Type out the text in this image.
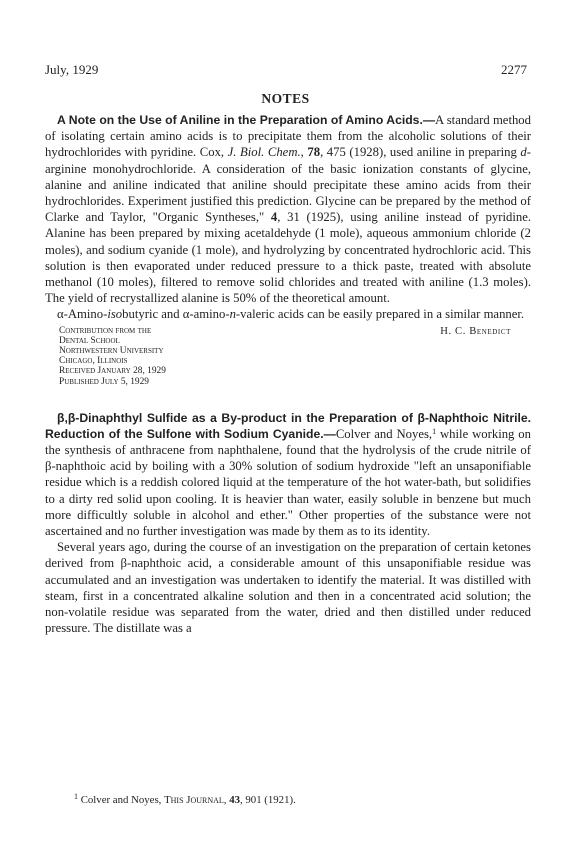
July, 1929	2277
NOTES

A Note on the Use of Aniline in the Preparation of Amino Acids.—A standard method of isolating certain amino acids is to precipitate them from the alcoholic solutions of their hydrochlorides with pyridine. Cox, J. Biol. Chem., 78, 475 (1928), used aniline in preparing d-arginine monohydrochloride. A consideration of the basic ionization constants of glycine, alanine and aniline indicated that aniline should precipitate these amino acids from their hydrochlorides. Experiment justified this prediction. Glycine can be prepared by the method of Clarke and Taylor, "Organic Syntheses," 4, 31 (1925), using aniline instead of pyridine. Alanine has been prepared by mixing acetaldehyde (1 mole), aqueous ammonium chloride (2 moles), and sodium cyanide (1 mole), and hydrolyzing by concentrated hydrochloric acid. This solution is then evaporated under reduced pressure to a thick paste, treated with absolute methanol (10 moles), filtered to remove solid chlorides and treated with aniline (1.3 moles). The yield of recrystallized alanine is 50% of the theoretical amount.

α-Amino-isobutyric and α-amino-n-valeric acids can be easily prepared in a similar manner.

Contribution from the
Dental School
Northwestern University
Chicago, Illinois
Received January 28, 1929
Published July 5, 1929
H. C. Benedict

β,β-Dinaphthyl Sulfide as a By-product in the Preparation of β-Naphthoic Nitrile. Reduction of the Sulfone with Sodium Cyanide.—Colver and Noyes,$^1$ while working on the synthesis of anthracene from naphthalene, found that the hydrolysis of the crude nitrile of β-naphthoic acid by boiling with a 30% solution of sodium hydroxide "left an unsaponifiable residue which is a reddish colored liquid at the temperature of the hot water-bath, but solidifies to a dirty red solid upon cooling. It is heavier than water, easily soluble in benzene but much more difficultly soluble in alcohol and ether." Other properties of the substance were not ascertained and no further investigation was made by them as to its identity.

Several years ago, during the course of an investigation on the preparation of certain ketones derived from β-naphthoic acid, a considerable amount of this unsaponifiable residue was accumulated and an investigation was undertaken to identify the material. It was distilled with steam, first in a concentrated alkaline solution and then in a concentrated acid solution; the non-volatile residue was separated from the water, dried and then distilled under reduced pressure. The distillate was a

$^1$ Colver and Noyes, This Journal, 43, 901 (1921).
